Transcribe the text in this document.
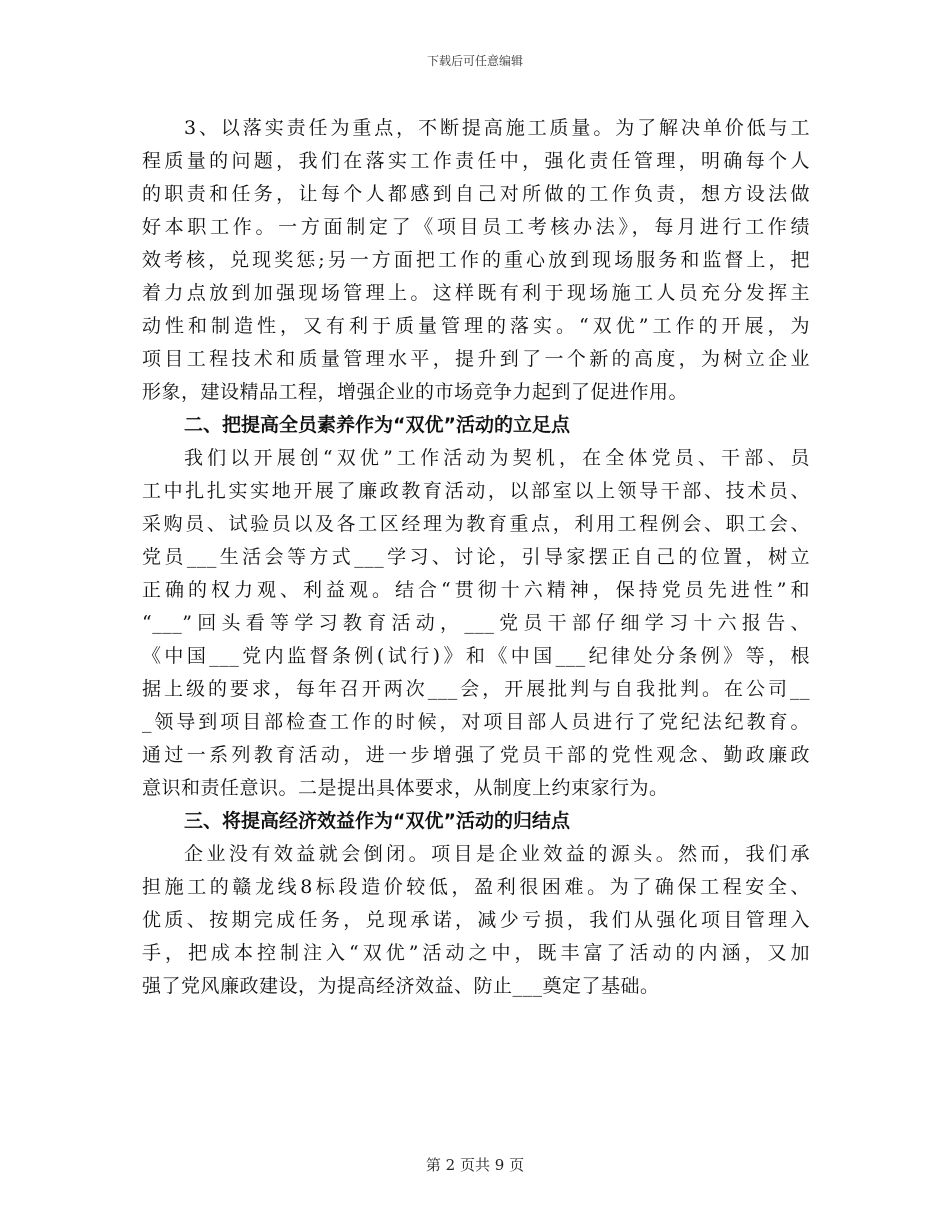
下载后可任意编辑
3、以落实责任为重点，不断提高施工质量。为了解决单价低与工
程质量的问题，我们在落实工作责任中，强化责任管理，明确每个人
的职责和任务，让每个人都感到自己对所做的工作负责，想方设法做
好本职工作。一方面制定了《项目员工考核办法》，每月进行工作绩
效考核，兑现奖惩;另一方面把工作的重心放到现场服务和监督上，把
着力点放到加强现场管理上。这样既有利于现场施工人员充分发挥主
动性和制造性，又有利于质量管理的落实。“双优”工作的开展，为
项目工程技术和质量管理水平，提升到了一个新的高度，为树立企业
形象，建设精品工程，增强企业的市场竞争力起到了促进作用。
二、把提高全员素养作为“双优”活动的立足点
我们以开展创“双优”工作活动为契机，在全体党员、干部、员
工中扎扎实实地开展了廉政教育活动，以部室以上领导干部、技术员、
采购员、试验员以及各工区经理为教育重点，利用工程例会、职工会、
党员___生活会等方式___学习、讨论，引导家摆正自己的位置，树立
正确的权力观、利益观。结合“贯彻十六精神，保持党员先进性”和
“___”回头看等学习教育活动，___党员干部仔细学习十六报告、
《中国___党内监督条例(试行)》和《中国___纪律处分条例》等，根
据上级的要求，每年召开两次___会，开展批判与自我批判。在公司__
_领导到项目部检查工作的时候，对项目部人员进行了党纪法纪教育。
通过一系列教育活动，进一步增强了党员干部的党性观念、勤政廉政
意识和责任意识。二是提出具体要求，从制度上约束家行为。
三、将提高经济效益作为“双优”活动的归结点
企业没有效益就会倒闭。项目是企业效益的源头。然而，我们承
担施工的赣龙线8标段造价较低，盈利很困难。为了确保工程安全、
优质、按期完成任务，兑现承诺，减少亏损，我们从强化项目管理入
手，把成本控制注入“双优”活动之中，既丰富了活动的内涵，又加
强了党风廉政建设，为提高经济效益、防止___奠定了基础。
第 2 页共 9 页
